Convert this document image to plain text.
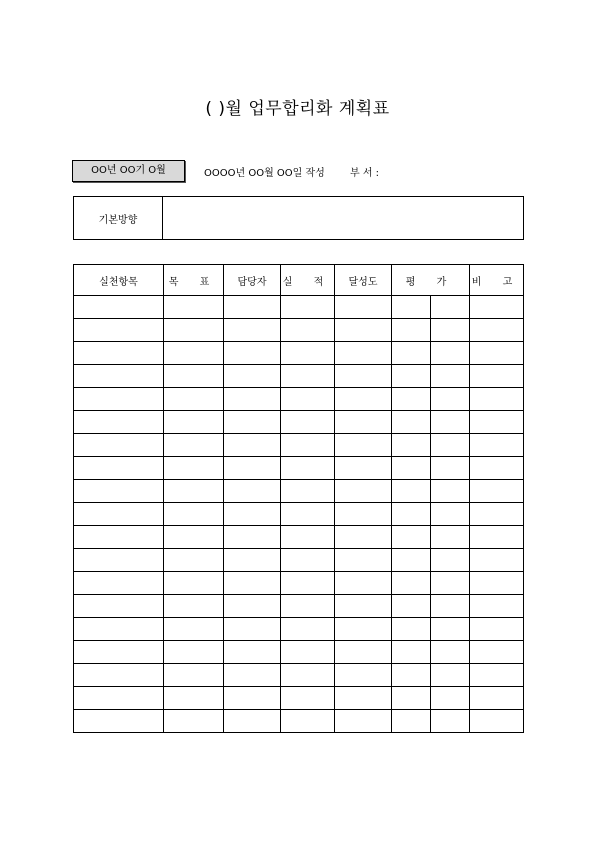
( )월 업무합리화 계획표
OO년 OO기 O월	OOOO년 OO월 OO일 작성	부 서 :
기본방향	
실천항목	목 표	담당자	실 적	달성도	평 가		비 고
